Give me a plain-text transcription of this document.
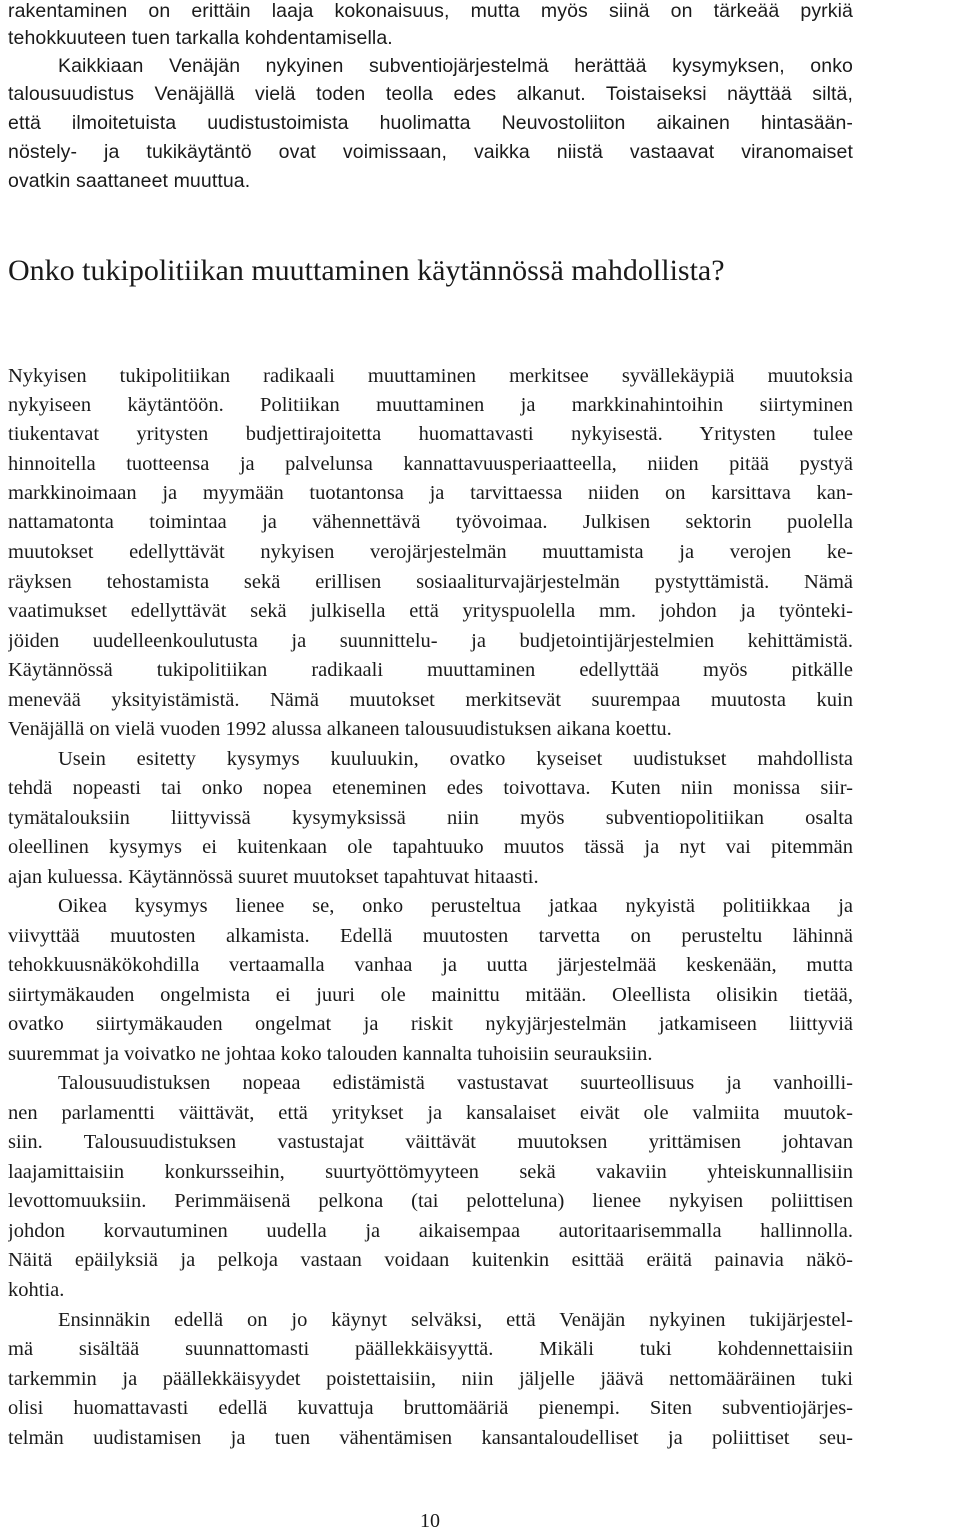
rakentaminen on erittäin laaja kokonaisuus, mutta myös siinä on tärkeää pyrkiä
tehokkuuteen tuen tarkalla kohdentamisella.
Kaikkiaan Venäjän nykyinen subventiojärjestelmä herättää kysymyksen, onko
talousuudistus Venäjällä vielä toden teolla edes alkanut. Toistaiseksi näyttää siltä,
että ilmoitetuista uudistustoimista huolimatta Neuvostoliiton aikainen hintasään-
nöstely- ja tukikäytäntö ovat voimissaan, vaikka niistä vastaavat viranomaiset
ovatkin saattaneet muuttua.
Onko tukipolitiikan muuttaminen käytännössä mahdollista?
Nykyisen tukipolitiikan radikaali muuttaminen merkitsee syvällekäypiä muutoksia
nykyiseen käytäntöön. Politiikan muuttaminen ja markkinahintoihin siirtyminen
tiukentavat yritysten budjettirajoitetta huomattavasti nykyisestä. Yritysten tulee
hinnoitella tuotteensa ja palvelunsa kannattavuusperiaatteella, niiden pitää pystyä
markkinoimaan ja myymään tuotantonsa ja tarvittaessa niiden on karsittava kan-
nattamatonta toimintaa ja vähennettävä työvoimaa. Julkisen sektorin puolella
muutokset edellyttävät nykyisen verojärjestelmän muuttamista ja verojen ke-
räyksen tehostamista sekä erillisen sosiaaliturvajärjestelmän pystyttämistä. Nämä
vaatimukset edellyttävät sekä julkisella että yrityspuolella mm. johdon ja työnteki-
jöiden uudelleenkoulutusta ja suunnittelu- ja budjetointijärjestelmien kehittämistä.
Käytännössä tukipolitiikan radikaali muuttaminen edellyttää myös pitkälle
menevää yksityistämistä. Nämä muutokset merkitsevät suurempaa muutosta kuin
Venäjällä on vielä vuoden 1992 alussa alkaneen talousuudistuksen aikana koettu.
Usein esitetty kysymys kuuluukin, ovatko kyseiset uudistukset mahdollista
tehdä nopeasti tai onko nopea eteneminen edes toivottava. Kuten niin monissa siir-
tymätalouksiin liittyvissä kysymyksissä niin myös subventiopolitiikan osalta
oleellinen kysymys ei kuitenkaan ole tapahtuuko muutos tässä ja nyt vai pitemmän
ajan kuluessa. Käytännössä suuret muutokset tapahtuvat hitaasti.
Oikea kysymys lienee se, onko perusteltua jatkaa nykyistä politiikkaa ja
viivyttää muutosten alkamista. Edellä muutosten tarvetta on perusteltu lähinnä
tehokkuusnäkökohdilla vertaamalla vanhaa ja uutta järjestelmää keskenään, mutta
siirtymäkauden ongelmista ei juuri ole mainittu mitään. Oleellista olisikin tietää,
ovatko siirtymäkauden ongelmat ja riskit nykyjärjestelmän jatkamiseen liittyviä
suuremmat ja voivatko ne johtaa koko talouden kannalta tuhoisiin seurauksiin.
Talousuudistuksen nopeaa edistämistä vastustavat suurteollisuus ja vanhoilli-
nen parlamentti väittävät, että yritykset ja kansalaiset eivät ole valmiita muutok-
siin. Talousuudistuksen vastustajat väittävät muutoksen yrittämisen johtavan
laajamittaisiin konkursseihin, suurtyöttömyyteen sekä vakaviin yhteiskunnallisiin
levottomuuksiin. Perimmäisenä pelkona (tai pelotteluna) lienee nykyisen poliittisen
johdon korvautuminen uudella ja aikaisempaa autoritaarisemmalla hallinnolla.
Näitä epäilyksiä ja pelkoja vastaan voidaan kuitenkin esittää eräitä painavia näkö-
kohtia.
Ensinnäkin edellä on jo käynyt selväksi, että Venäjän nykyinen tukijärjestel-
mä sisältää suunnattomasti päällekkäisyyttä. Mikäli tuki kohdennettaisiin
tarkemmin ja päällekkäisyydet poistettaisiin, niin jäljelle jäävä nettomääräinen tuki
olisi huomattavasti edellä kuvattuja bruttomääriä pienempi. Siten subventiojärjes-
telmän uudistamisen ja tuen vähentämisen kansantaloudelliset ja poliittiset seu-
10
